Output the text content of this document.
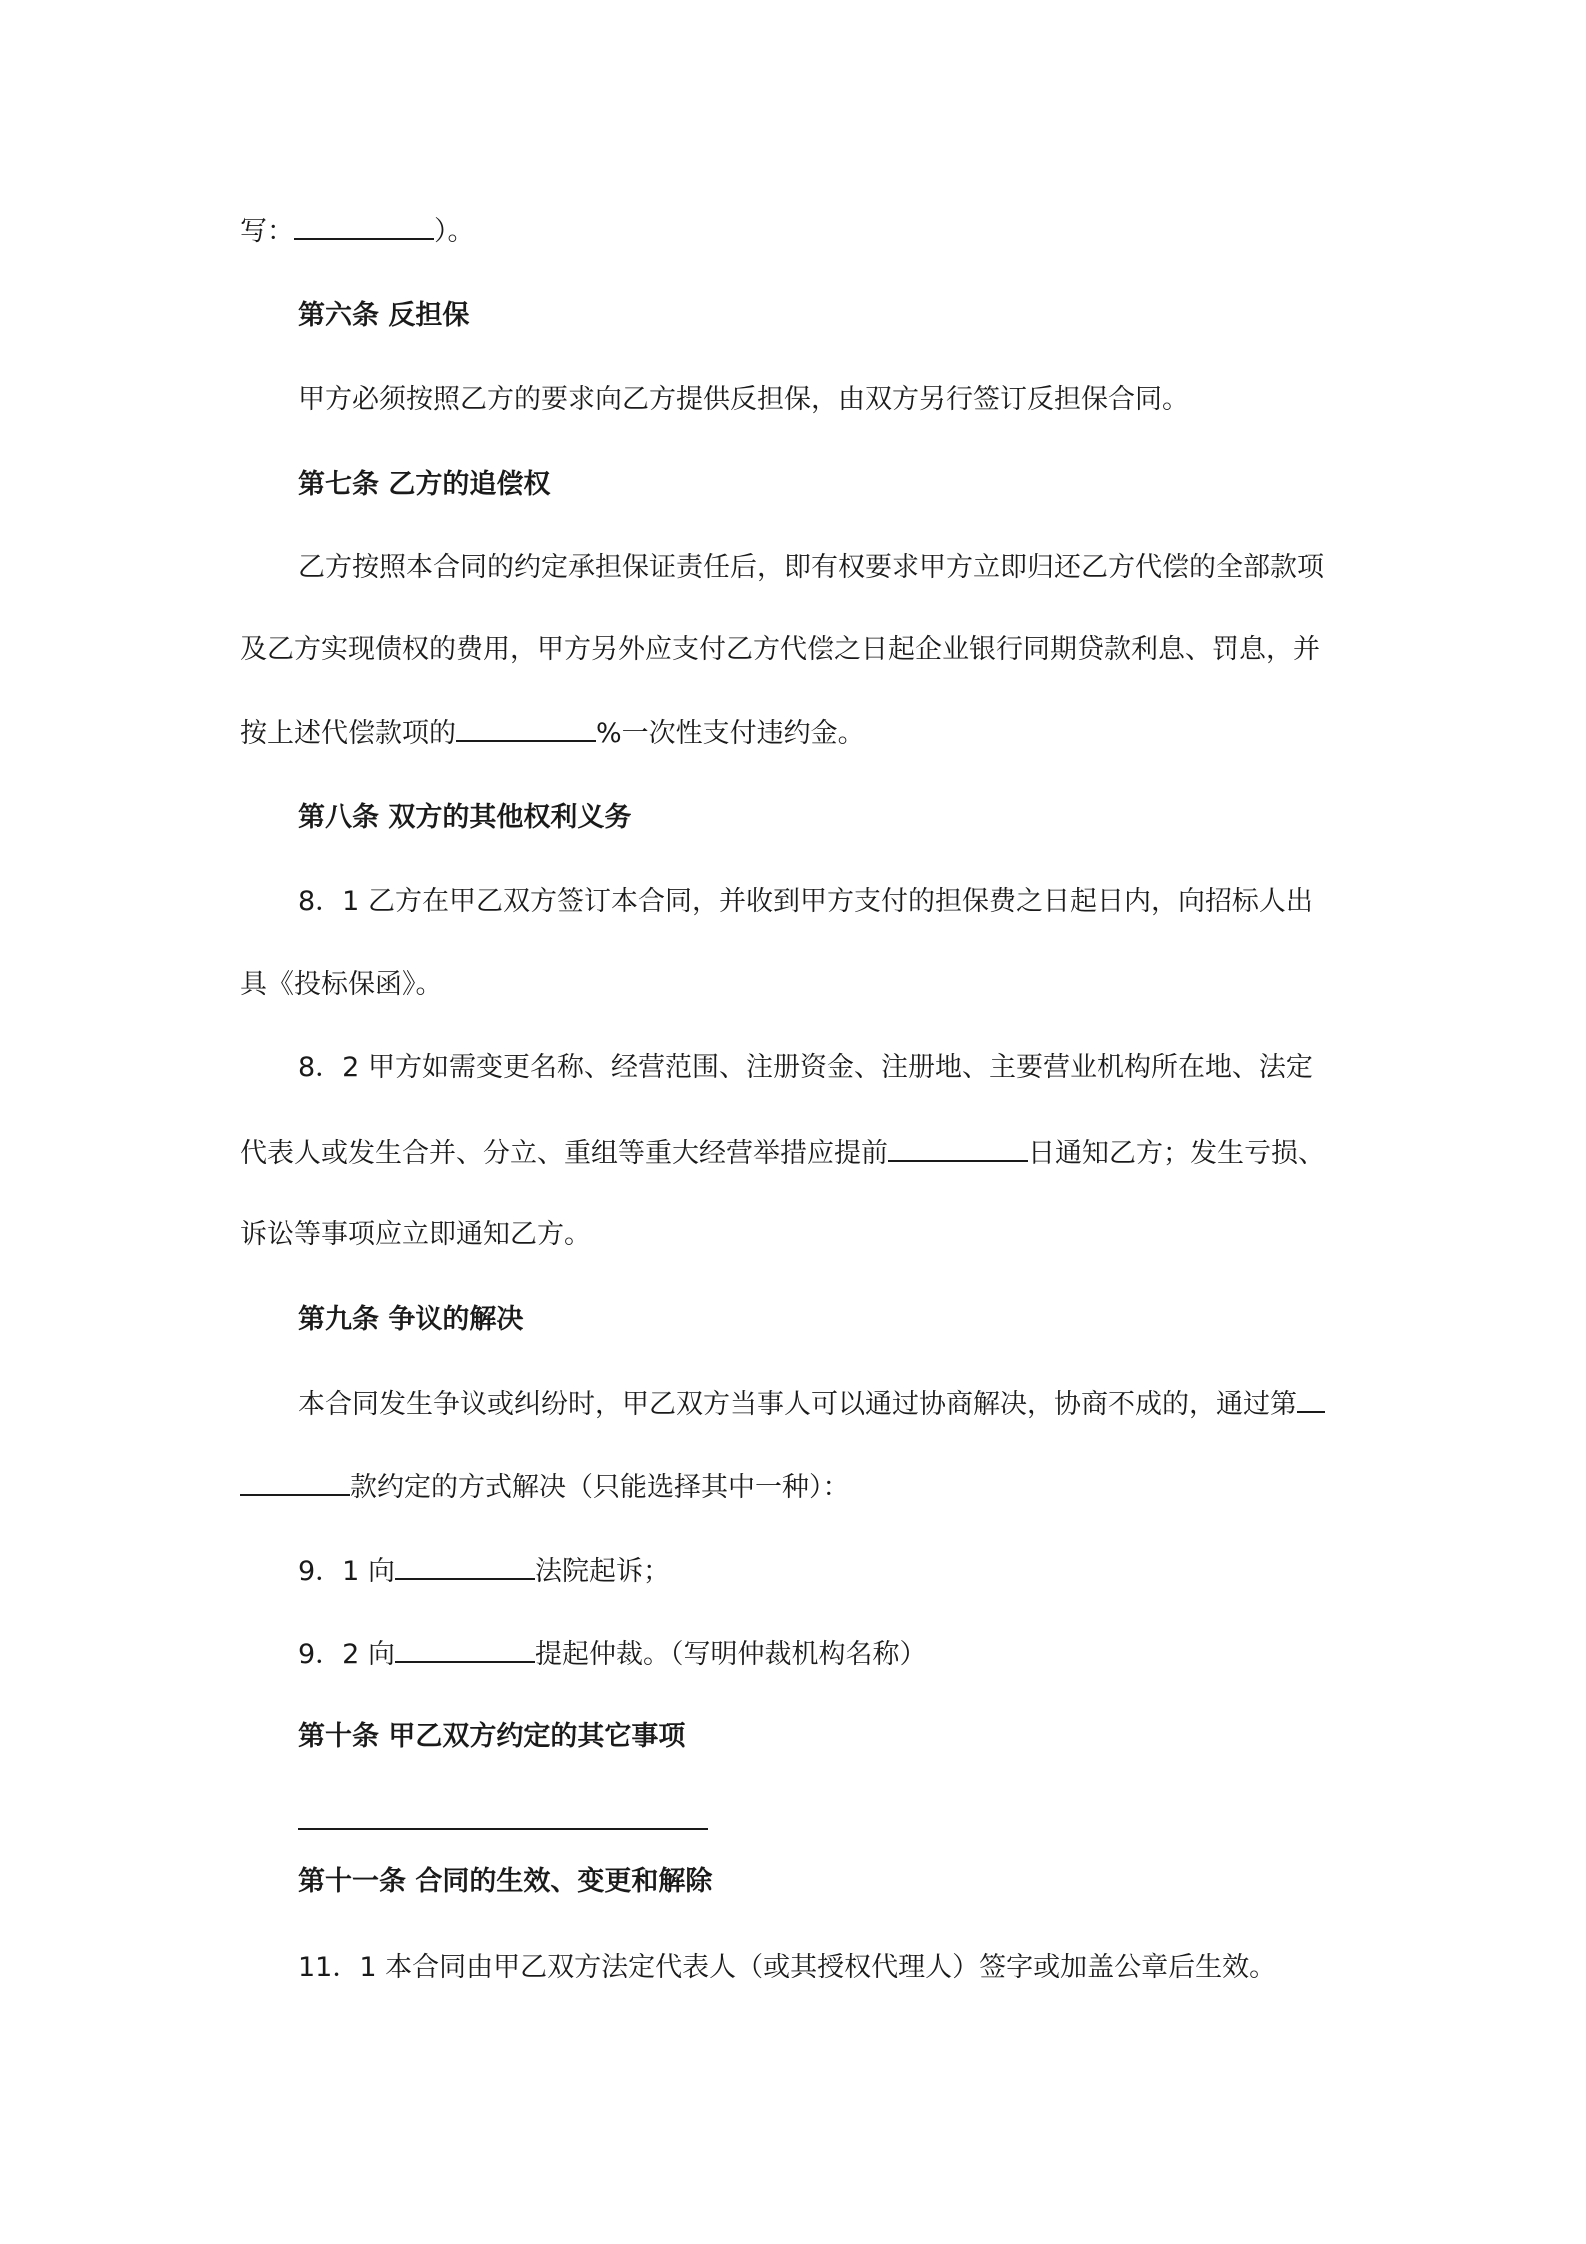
写：	）。
第六条 反担保
甲方必须按照乙方的要求向乙方提供反担保，由双方另行签订反担保合同。
第七条 乙方的追偿权
乙方按照本合同的约定承担保证责任后，即有权要求甲方立即归还乙方代偿的全部款项
及乙方实现债权的费用，甲方另外应支付乙方代偿之日起企业银行同期贷款利息、罚息，并
按上述代偿款项的	%一次性支付违约金。
第八条 双方的其他权利义务
8．1 乙方在甲乙双方签订本合同，并收到甲方支付的担保费之日起日内，向招标人出
具《投标保函》。
8．2 甲方如需变更名称、经营范围、注册资金、注册地、主要营业机构所在地、法定
代表人或发生合并、分立、重组等重大经营举措应提前	日通知乙方；发生亏损、
诉讼等事项应立即通知乙方。
第九条 争议的解决
本合同发生争议或纠纷时，甲乙双方当事人可以通过协商解决，协商不成的，通过第
款约定的方式解决（只能选择其中一种）：
9．1 向	法院起诉；
9．2 向	提起仲裁。（写明仲裁机构名称）
第十条 甲乙双方约定的其它事项
第十一条 合同的生效、变更和解除
11．1 本合同由甲乙双方法定代表人（或其授权代理人）签字或加盖公章后生效。
